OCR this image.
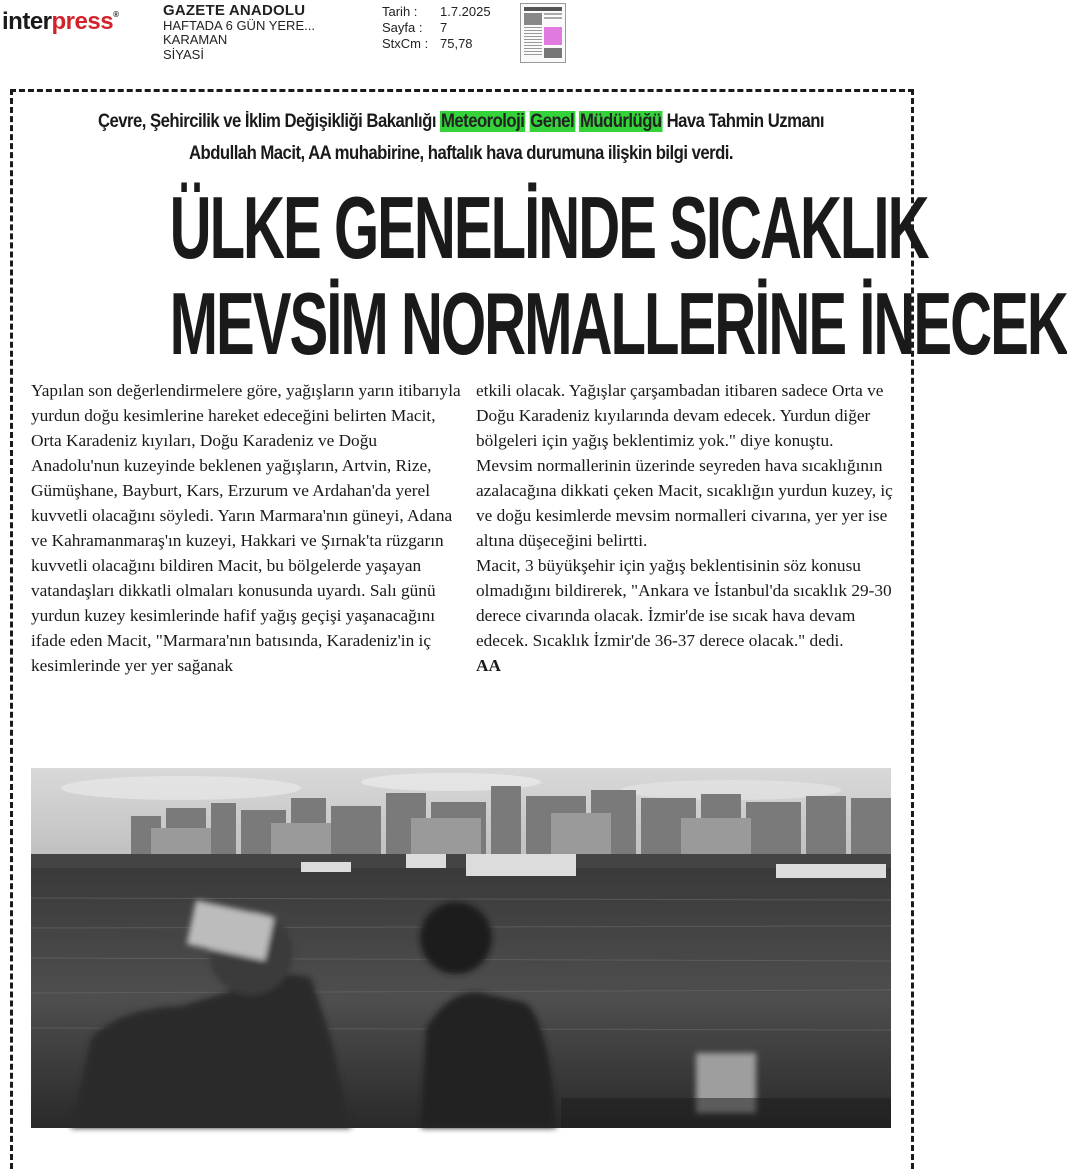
interpress®	GAZETE ANADOLU
HAFTADA 6 GÜN YERE...
KARAMAN
SİYASİ
Tarih :	1.7.2025
Sayfa :	7
StxCm : 75,78
Çevre, Şehircilik ve İklim Değişikliği Bakanlığı Meteoroloji Genel Müdürlüğü Hava Tahmin Uzmanı
Abdullah Macit, AA muhabirine, haftalık hava durumuna ilişkin bilgi verdi.
ÜLKE GENELİNDE SICAKLIK
MEVSİM NORMALLERİNE İNECEK

Yapılan son değerlendirmelere göre, yağışların yarın itibarıyla yurdun doğu kesimlerine hareket edeceğini belirten Macit, Orta Karadeniz kıyıları, Doğu Karadeniz ve Doğu Anadolu'nun kuzeyinde beklenen yağışların, Artvin, Rize, Gümüşhane, Bayburt, Kars, Erzurum ve Ardahan'da yerel kuvvetli olacağını söyledi. Yarın Marmara'nın güneyi, Adana ve Kahramanmaraş'ın kuzeyi, Hakkari ve Şırnak'ta rüzgarın kuvvetli olacağını bildiren Macit, bu bölgelerde yaşayan vatandaşları dikkatli olmaları konusunda uyardı. Salı günü yurdun kuzey kesimlerinde hafif yağış geçişi yaşanacağını ifade eden Macit, "Marmara'nın batısında, Karadeniz'in iç kesimlerinde yer yer sağanak

etkili olacak. Yağışlar çarşambadan itibaren sadece Orta ve Doğu Karadeniz kıyılarında devam edecek. Yurdun diğer bölgeleri için yağış beklentimiz yok." diye konuştu.

Mevsim normallerinin üzerinde seyreden hava sıcaklığının azalacağına dikkati çeken Macit, sıcaklığın yurdun kuzey, iç ve doğu kesimlerde mevsim normalleri civarına, yer yer ise altına düşeceğini belirtti.

Macit, 3 büyükşehir için yağış beklentisinin söz konusu olmadığını bildirerek, "Ankara ve İstanbul'da sıcaklık 29-30 derece civarında olacak. İzmir'de ise sıcak hava devam edecek. Sıcaklık İzmir'de 36-37 derece olacak." dedi.

AA
